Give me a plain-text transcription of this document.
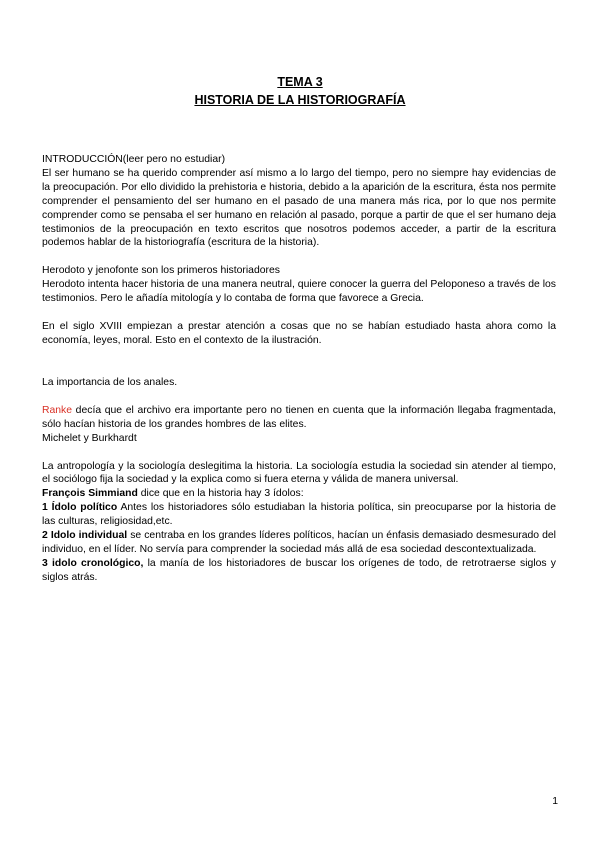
TEMA 3
HISTORIA DE LA HISTORIOGRAFÍA

INTRODUCCIÓN(leer pero no estudiar)

El ser humano se ha querido comprender así mismo a lo largo del tiempo, pero no siempre hay evidencias de la preocupación. Por ello dividido la prehistoria e historia, debido a la aparición de la escritura, ésta nos permite comprender el pensamiento del ser humano en el pasado de una manera más rica, por lo que nos permite comprender como se pensaba el ser humano en relación al pasado, porque a partir de que el ser humano deja testimonios de la preocupación en texto escritos que nosotros podemos acceder, a partir de la escritura podemos hablar de la historiografía (escritura de la historia).

Herodoto y jenofonte son los primeros historiadores

Herodoto intenta hacer historia de una manera neutral, quiere conocer la guerra del Peloponeso a través de los testimonios. Pero le añadía mitología y lo contaba de forma que favorece a Grecia.

En el siglo XVIII empiezan a prestar atención a cosas que no se habían estudiado hasta ahora como la economía, leyes, moral. Esto en el contexto de la ilustración.

La importancia de los anales.

Ranke decía que el archivo era importante pero no tienen en cuenta que la información llegaba fragmentada, sólo hacían historia de los grandes hombres de las elites.

Michelet y Burkhardt

La antropología y la sociología deslegitima la historia. La sociología estudia la sociedad sin atender al tiempo, el sociólogo fija la sociedad y la explica como si fuera eterna y válida de manera universal.

François Simmiand dice que en la historia hay 3 ídolos:

1 Ídolo político Antes los historiadores sólo estudiaban la historia política, sin preocuparse por la historia de las culturas, religiosidad,etc.

2 Idolo individual se centraba en los grandes líderes políticos, hacían un énfasis demasiado desmesurado del individuo, en el líder. No servía para comprender la sociedad más allá de esa sociedad descontextualizada.

3 idolo cronológico, la manía de los historiadores de buscar los orígenes de todo, de retrotraerse siglos y siglos atrás.

1
